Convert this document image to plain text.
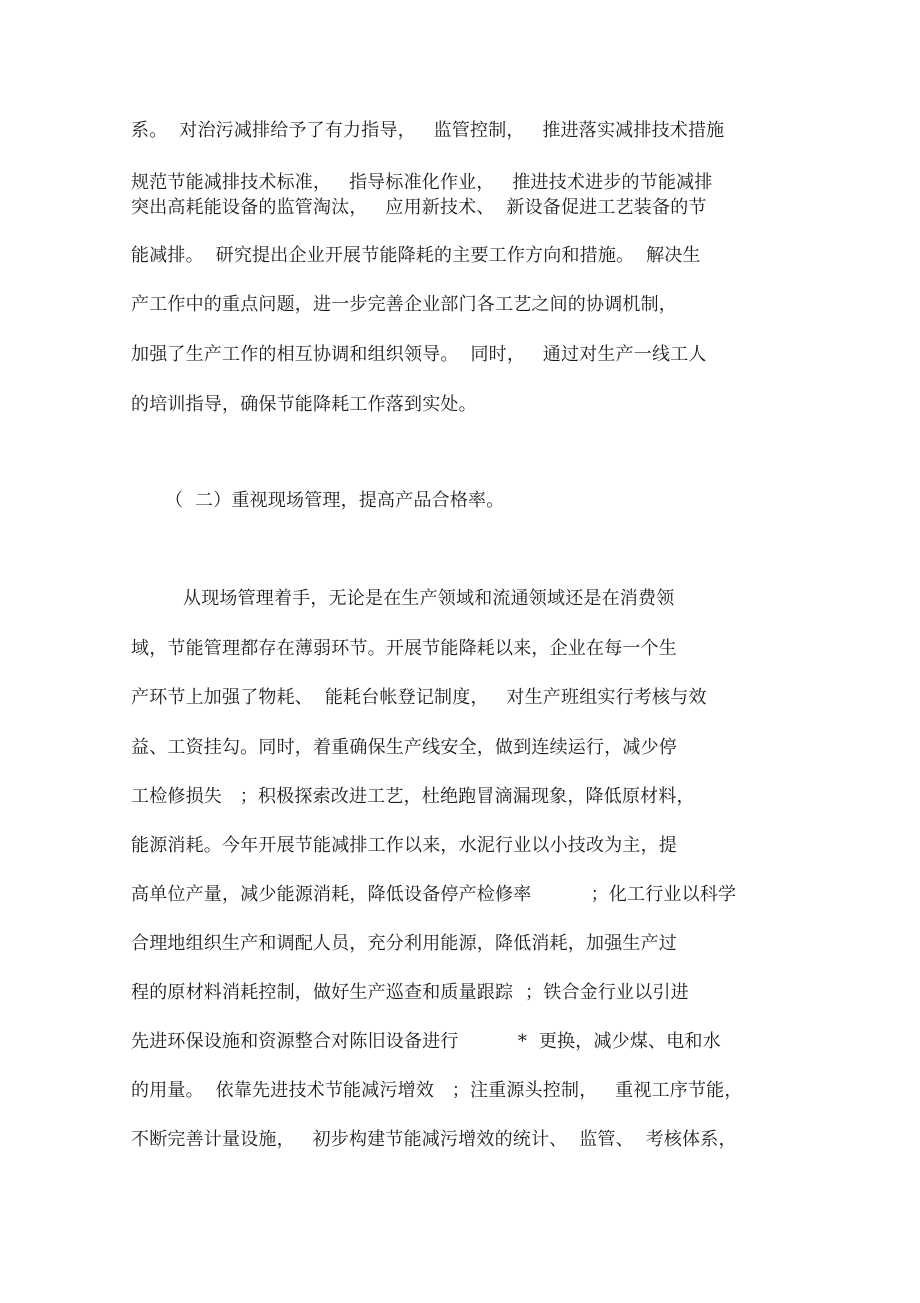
系。  对治污减排给予了有力指导，   监管控制，   推进落实减排技术措施
规范节能减排技术标准，   指导标准化作业，   推进技术进步的节能减排
突出高耗能设备的监管淘汰，   应用新技术、  新设备促进工艺装备的节
能减排。  研究提出企业开展节能降耗的主要工作方向和措施。  解决生
产工作中的重点问题，进一步完善企业部门各工艺之间的协调机制，
加强了生产工作的相互协调和组织领导。  同时，   通过对生产一线工人
的培训指导，确保节能降耗工作落到实处。
（  二）重视现场管理，提高产品合格率。
从现场管理着手，无论是在生产领域和流通领域还是在消费领
域，节能管理都存在薄弱环节。开展节能降耗以来，企业在每一个生
产环节上加强了物耗、  能耗台帐登记制度，   对生产班组实行考核与效
益、工资挂勾。同时，着重确保生产线安全，做到连续运行，减少停
工检修损失   ；积极探索改进工艺，杜绝跑冒滴漏现象，降低原材料，
能源消耗。今年开展节能减排工作以来，水泥行业以小技改为主，提
高单位产量，减少能源消耗，降低设备停产检修率          ；化工行业以科学
合理地组织生产和调配人员，充分利用能源，降低消耗，加强生产过
程的原材料消耗控制，做好生产巡查和质量跟踪  ；铁合金行业以引进
先进环保设施和资源整合对陈旧设备进行          *  更换，减少煤、电和水
的用量。  依靠先进技术节能减污增效   ；注重源头控制，   重视工序节能，
不断完善计量设施，   初步构建节能减污增效的统计、  监管、  考核体系，
